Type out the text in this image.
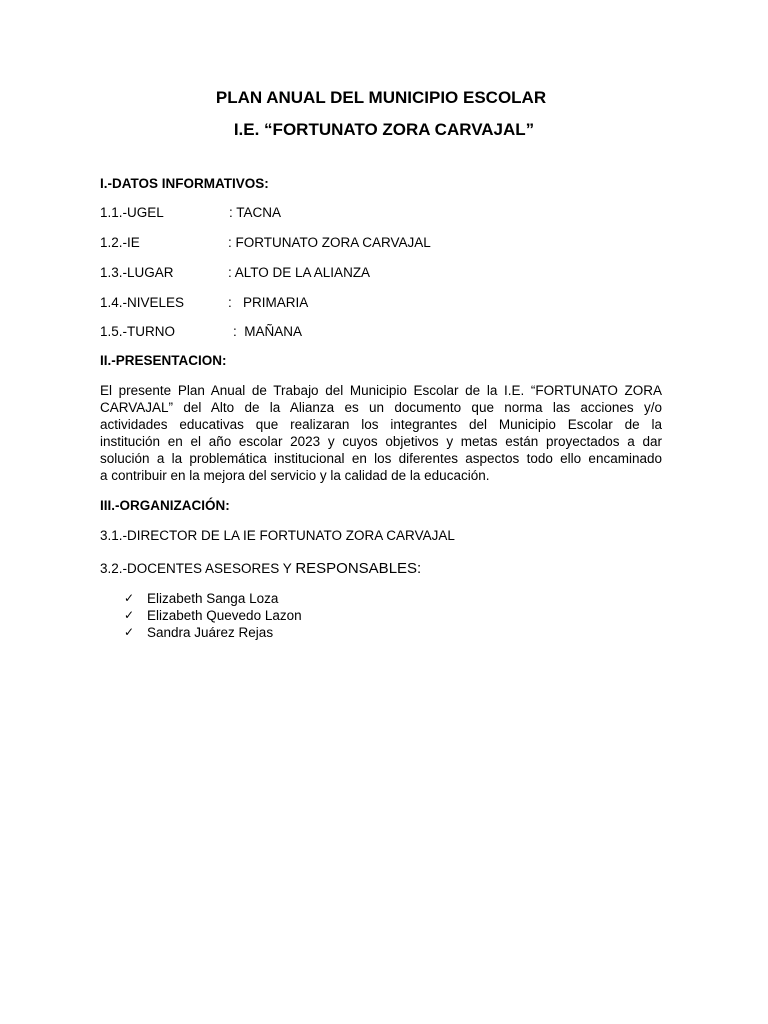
PLAN ANUAL DEL MUNICIPIO ESCOLAR
I.E. “FORTUNATO ZORA CARVAJAL”
I.-DATOS INFORMATIVOS:

1.1.-UGEL

	: TACNA

1.2.-IE

	: FORTUNATO ZORA CARVAJAL

1.3.-LUGAR

	: ALTO DE LA ALIANZA

1.4.-NIVELES

	:   PRIMARIA

1.5.-TURNO

	:  MAÑANA

II.-PRESENTACION:
El presente Plan Anual de Trabajo del Municipio Escolar de la I.E. “FORTUNATO ZORA
CARVAJAL” del Alto de la Alianza es un documento que norma las acciones y/o
actividades educativas que realizaran los integrantes del Municipio Escolar de la
institución en el año escolar 2023 y cuyos objetivos y metas están proyectados a dar
solución a la problemática institucional en los diferentes aspectos todo ello encaminado
a contribuir en la mejora del servicio y la calidad de la educación.
III.-ORGANIZACIÓN:
3.1.-DIRECTOR DE LA IE FORTUNATO ZORA CARVAJAL
3.2.-DOCENTES ASESORES Y RESPONSABLES:
✓ Elizabeth Sanga Loza
✓ Elizabeth Quevedo Lazon
✓ Sandra Juárez Rejas
